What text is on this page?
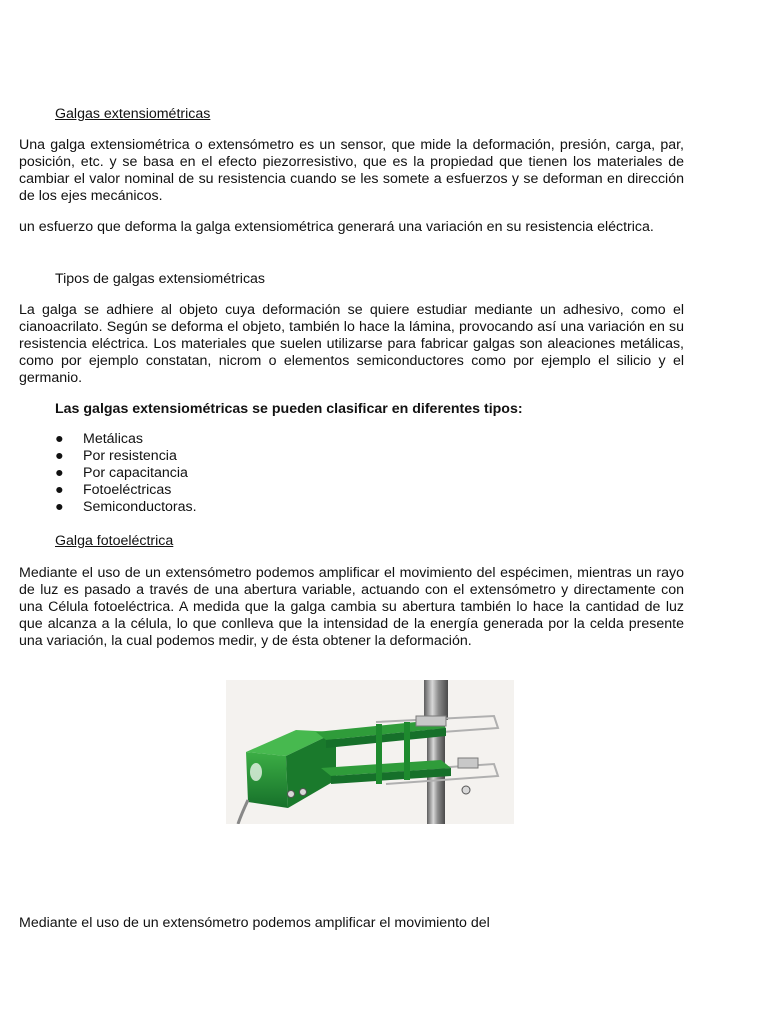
Galgas extensiométricas

Una galga extensiométrica o extensómetro es un sensor, que mide la deformación, presión, carga, par, posición, etc. y se basa en el efecto piezorresistivo, que es la propiedad que tienen los materiales de cambiar el valor nominal de su resistencia cuando se les somete a esfuerzos y se deforman en dirección de los ejes mecánicos.

un esfuerzo que deforma la galga extensiométrica generará una variación en su resistencia eléctrica.

Tipos de galgas extensiométricas

La galga se adhiere al objeto cuya deformación se quiere estudiar mediante un adhesivo, como el cianoacrilato. Según se deforma el objeto, también lo hace la lámina, provocando así una variación en su resistencia eléctrica. Los materiales que suelen utilizarse para fabricar galgas son aleaciones metálicas, como por ejemplo constatan, nicrom o elementos semiconductores como por ejemplo el silicio y el germanio.

Las galgas extensiométricas se pueden clasificar en diferentes tipos:

● Metálicas
● Por resistencia
● Por capacitancia
● Fotoeléctricas
● Semiconductoras.
Galga fotoeléctrica

Mediante el uso de un extensómetro podemos amplificar el movimiento del espécimen, mientras un rayo de luz es pasado a través de una abertura variable, actuando con el extensómetro y directamente con una Célula fotoeléctrica. A medida que la galga cambia su abertura también lo hace la cantidad de luz que alcanza a la célula, lo que conlleva que la intensidad de la energía generada por la celda presente una variación, la cual podemos medir, y de ésta obtener la deformación.

Mediante el uso de un extensómetro podemos amplificar el movimiento del
